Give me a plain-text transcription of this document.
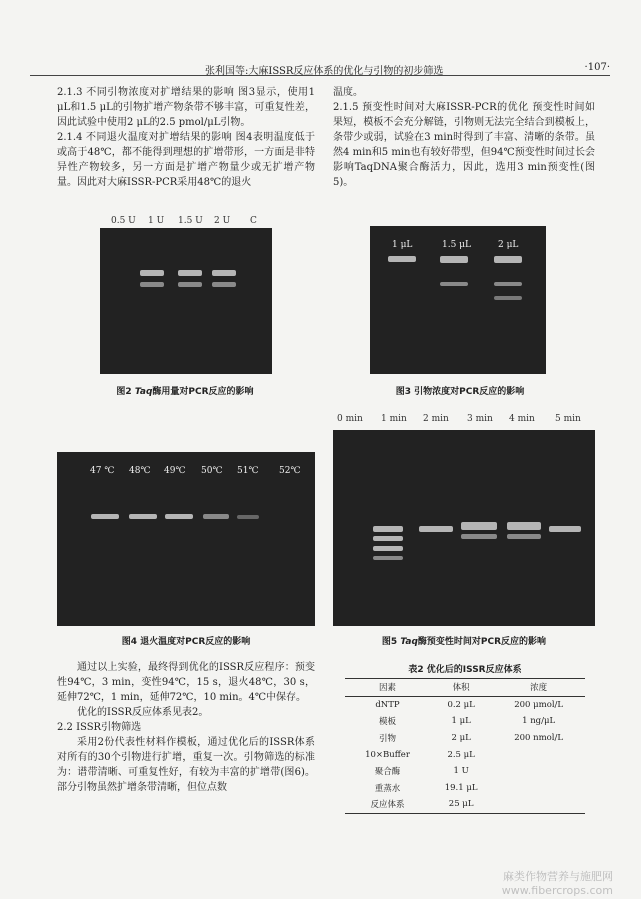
张利国等:大麻ISSR反应体系的优化与引物的初步筛选	·107·

2.1.3 不同引物浓度对扩增结果的影响 图3显示，使用1 μL和1.5 μL的引物扩增产物条带不够丰富，可重复性差，因此试验中使用2 μL的2.5 pmol/μL引物。

2.1.4 不同退火温度对扩增结果的影响 图4表明温度低于或高于48℃，都不能得到理想的扩增带形，一方面是非特异性产物较多，另一方面是扩增产物量少或无扩增产物量。因此对大麻ISSR-PCR采用48℃的退火

温度。

2.1.5 预变性时间对大麻ISSR-PCR的优化 预变性时间如果短，模板不会充分解链，引物则无法完全结合到模板上，条带少或弱，试验在3 min时得到了丰富、清晰的条带。虽然4 min和5 min也有较好带型，但94℃预变性时间过长会影响TaqDNA聚合酶活力，因此，选用3 min预变性(图5)。

0.5 U 1 U 1.5 U 2 U C
图2 Taq酶用量对PCR反应的影响
1 μL	1.5 μL	2 μL
图3 引物浓度对PCR反应的影响
47 ℃ 48℃ 49℃ 50℃ 51℃ 52℃
图4 退火温度对PCR反应的影响
0 min 1 min 2 min 3 min 4 min 5 min
图5 Taq酶预变性时间对PCR反应的影响

通过以上实验，最终得到优化的ISSR反应程序：预变性94℃，3 min，变性94℃，15 s，退火48℃，30 s，延伸72℃，1 min，延伸72℃，10 min。4℃中保存。

优化的ISSR反应体系见表2。

2.2 ISSR引物筛选

采用2份代表性材料作模板，通过优化后的ISSR体系对所有的30个引物进行扩增，重复一次。引物筛选的标准为：谱带清晰、可重复性好，有较为丰富的扩增带(图6)。部分引物虽然扩增条带清晰，但位点数

表2 优化后的ISSR反应体系
因素	体积	浓度
dNTP	0.2 μL	200 μmol/L
模板	1 μL	1 ng/μL
引物	2 μL	200 nmol/L
10×Buffer	2.5 μL	
聚合酶	1 U	
重蒸水	19.1 μL	
反应体系	25 μL	
麻类作物营养与施肥网
www.fibercrops.com
